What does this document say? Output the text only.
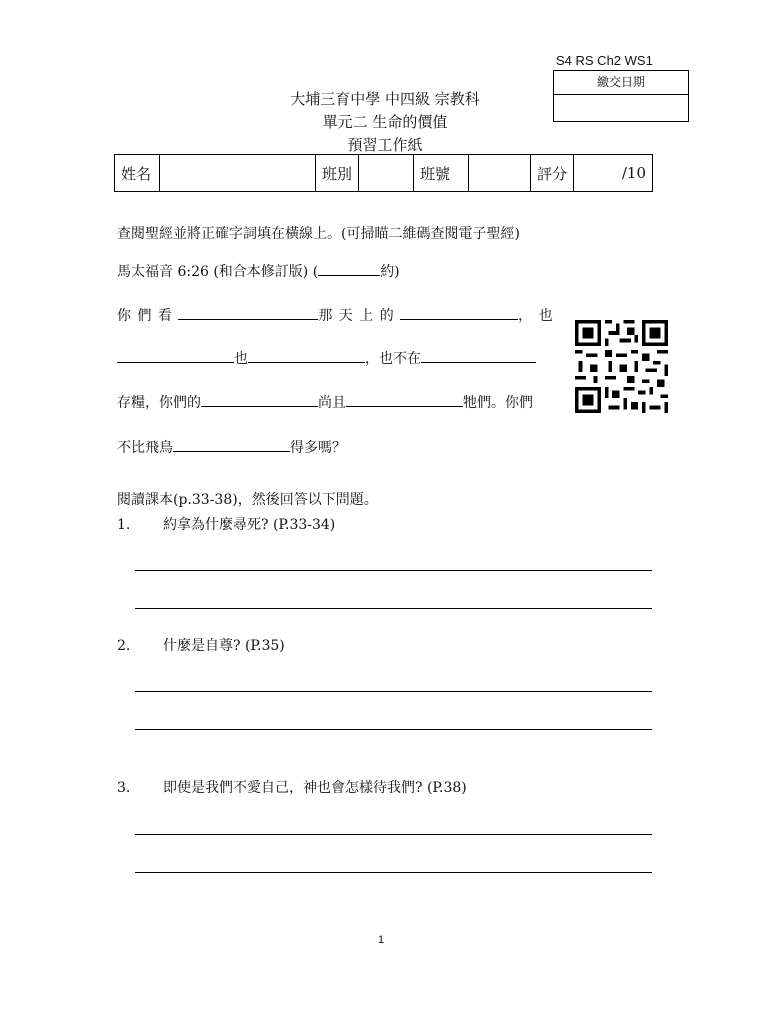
S4 RS Ch2 WS1
繳交日期
大埔三育中學 中四級 宗教科
單元二 生命的價值
預習工作紙
姓名		班別		班號		評分	/10
查閱聖經並將正確字詞填在橫線上。(可掃瞄二維碼查閱電子聖經)
馬太福音 6:26 (和合本修訂版) (	約)
你 們 看	那 天 上 的	， 也
也	，也不在
存糧，你們的	尚且	牠們。你們
不比飛鳥	得多嗎？
閱讀課本(p.33-38)，然後回答以下問題。
1. 約拿為什麼尋死? (P.33-34)
2. 什麼是自尊? (P.35)
3. 即使是我們不愛自己，神也會怎樣待我們? (P.38)
1
